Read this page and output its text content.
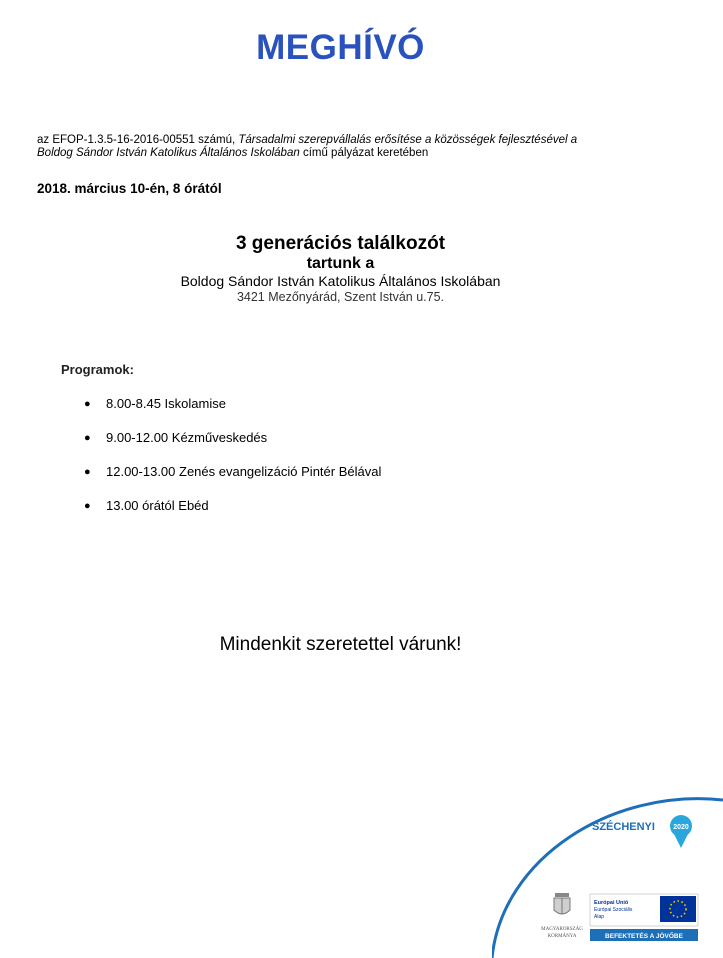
MEGHÍVÓ
az EFOP-1.3.5-16-2016-00551 számú, Társadalmi szerepvállalás erősítése a közösségek fejlesztésével a
Boldog Sándor István Katolikus Általános Iskolában című pályázat keretében
2018. március 10-én, 8 órától
3 generációs találkozót
tartunk a
Boldog Sándor István Katolikus Általános Iskolában
3421 Mezőnyárád, Szent István u.75.
Programok:
●	8.00-8.45 Iskolamise
●	9.00-12.00 Kézműveskedés
●	12.00-13.00 Zenés evangelizáció Pintér Bélával
●	13.00 órától Ebéd
Mindenkit szeretettel várunk!
SZÉCHENYI	2020
MAGYARORSZÁG
KORMÁNYA
Európai Unió
Európai Szociális
Alap
BEFEKTETÉS A JÖVŐBE
